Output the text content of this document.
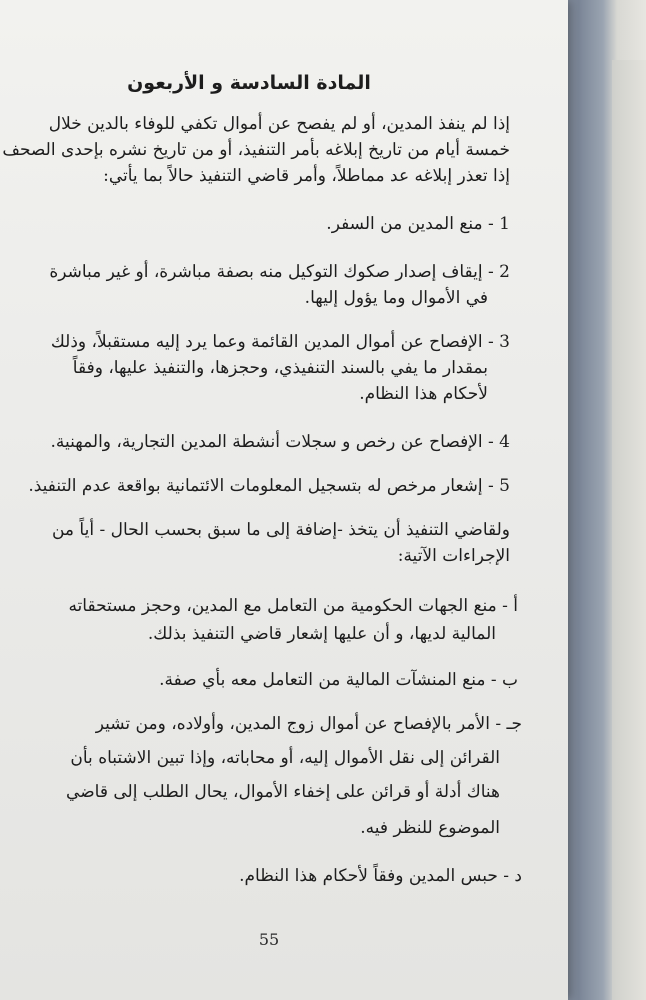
المادة السادسة و الأربعون
إذا لم ينفذ المدين، أو لم يفصح عن أموال تكفي للوفاء بالدين خلال
خمسة أيام من تاريخ إبلاغه بأمر التنفيذ، أو من تاريخ نشره بإحدى الصحف
إذا تعذر إبلاغه عد مماطلاً، وأمر قاضي التنفيذ حالاً بما يأتي:
1 - منع المدين من السفر.
2 - إيقاف إصدار صكوك التوكيل منه بصفة مباشرة، أو غير مباشرة
في الأموال وما يؤول إليها.
3 - الإفصاح عن أموال المدين القائمة وعما يرد إليه مستقبلاً، وذلك
بمقدار ما يفي بالسند التنفيذي، وحجزها، والتنفيذ عليها، وفقاً
لأحكام هذا النظام.
4 - الإفصاح عن رخص و سجلات أنشطة المدين التجارية، والمهنية.
5 - إشعار مرخص له بتسجيل المعلومات الائتمانية بواقعة عدم التنفيذ.
ولقاضي التنفيذ أن يتخذ -إضافة إلى ما سبق بحسب الحال - أياً من
الإجراءات الآتية:
أ - منع الجهات الحكومية من التعامل مع المدين، وحجز مستحقاته
المالية لديها، و أن عليها إشعار قاضي التنفيذ بذلك.
ب - منع المنشآت المالية من التعامل معه بأي صفة.
جـ - الأمر بالإفصاح عن أموال زوج المدين، وأولاده، ومن تشير
القرائن إلى نقل الأموال إليه، أو محاباته، وإذا تبين الاشتباه بأن
هناك أدلة أو قرائن على إخفاء الأموال، يحال الطلب إلى قاضي
الموضوع للنظر فيه.
د - حبس المدين وفقاً لأحكام هذا النظام.
55
